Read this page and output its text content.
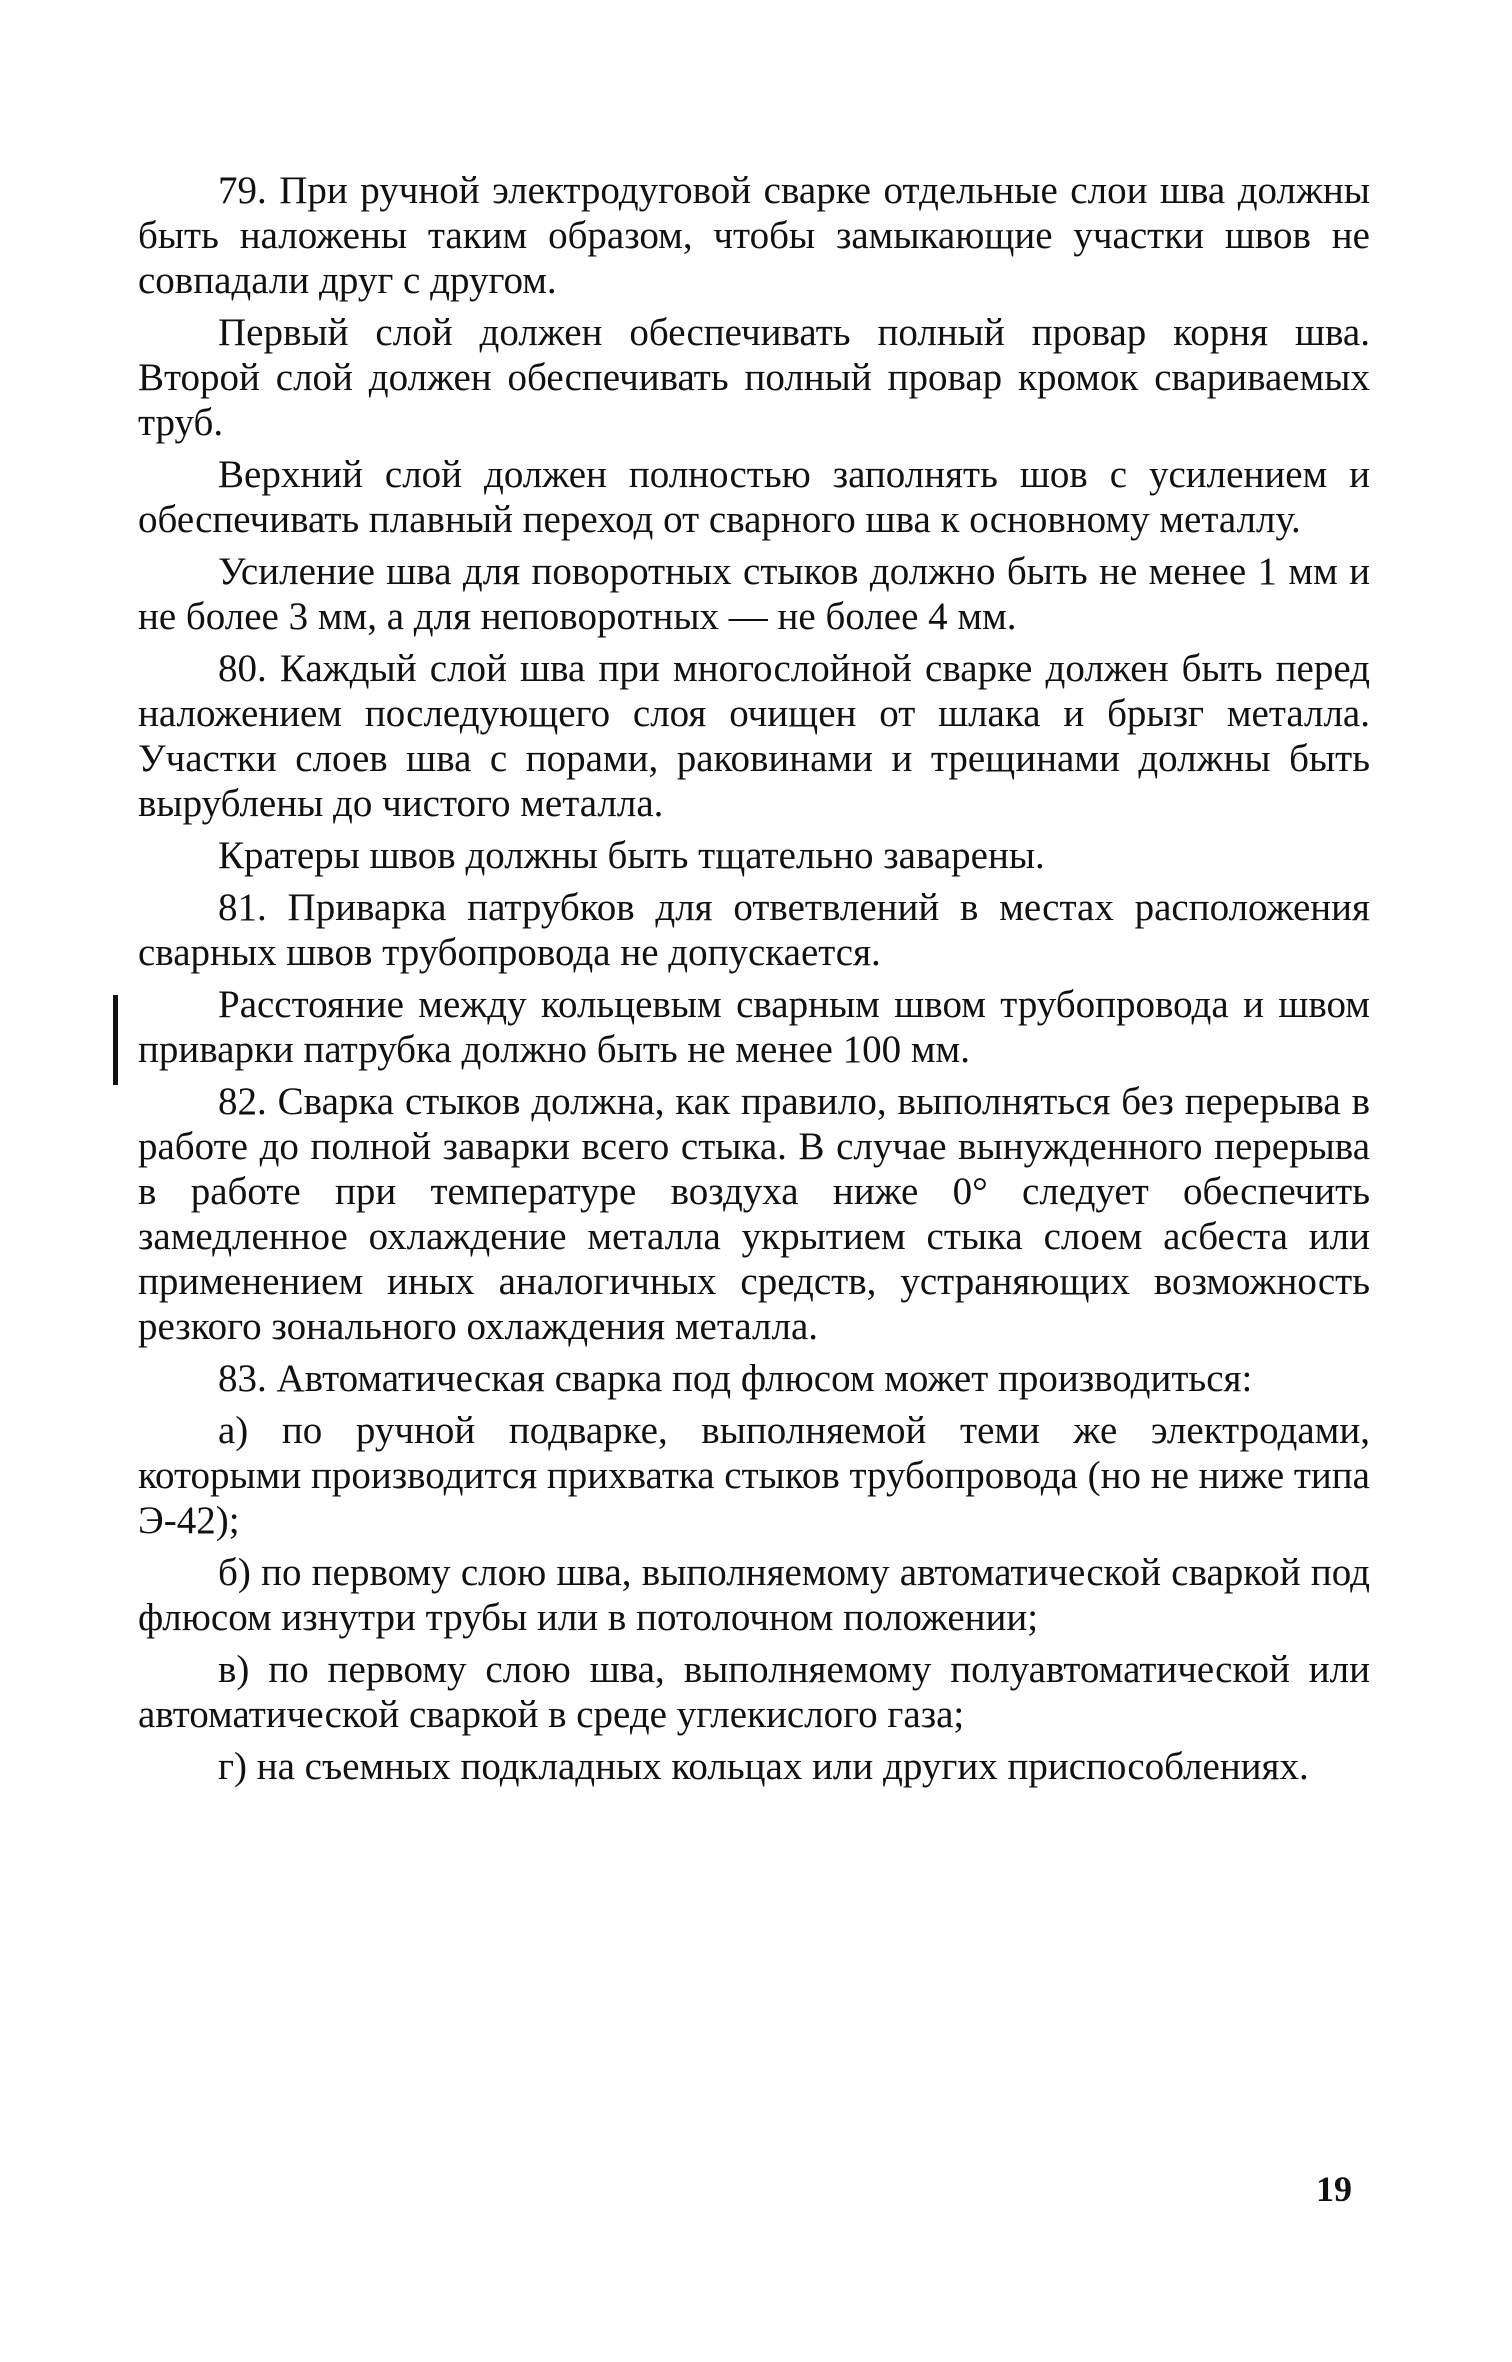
79. При ручной электродуговой сварке отдельные слои шва должны быть наложены таким образом, чтобы замыкающие участки швов не совпадали друг с другом.

Первый слой должен обеспечивать полный провар корня шва. Второй слой должен обеспечивать полный провар кромок свариваемых труб.

Верхний слой должен полностью заполнять шов с усилением и обеспечивать плавный переход от сварного шва к основному металлу.

Усиление шва для поворотных стыков должно быть не менее 1 мм и не более 3 мм, а для неповоротных — не более 4 мм.

80. Каждый слой шва при многослойной сварке должен быть перед наложением последующего слоя очищен от шлака и брызг металла. Участки слоев шва с порами, раковинами и трещинами должны быть вырублены до чистого металла.

Кратеры швов должны быть тщательно заварены.

81. Приварка патрубков для ответвлений в местах расположения сварных швов трубопровода не допускается.

Расстояние между кольцевым сварным швом трубопровода и швом приварки патрубка должно быть не менее 100 мм.

82. Сварка стыков должна, как правило, выполняться без перерыва в работе до полной заварки всего стыка. В случае вынужденного перерыва в работе при температуре воздуха ниже 0° следует обеспечить замедленное охлаждение металла укрытием стыка слоем асбеста или применением иных аналогичных средств, устраняющих возможность резкого зонального охлаждения металла.

83. Автоматическая сварка под флюсом может производиться:

а) по ручной подварке, выполняемой теми же электродами, которыми производится прихватка стыков трубопровода (но не ниже типа Э-42);

б) по первому слою шва, выполняемому автоматической сваркой под флюсом изнутри трубы или в потолочном положении;

в) по первому слою шва, выполняемому полуавтоматической или автоматической сваркой в среде углекислого газа;

г) на съемных подкладных кольцах или других приспособлениях.

19
